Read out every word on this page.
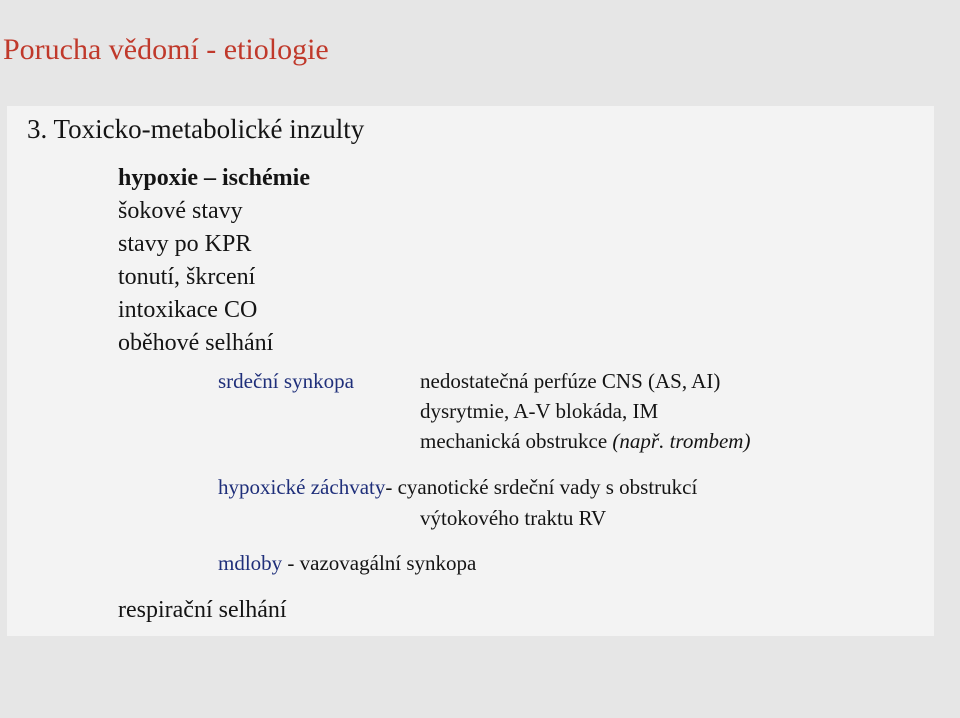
Porucha vědomí - etiologie
3. Toxicko-metabolické inzulty
hypoxie – ischémie
šokové stavy
stavy po KPR
tonutí, škrcení
intoxikace CO
oběhové selhání
srdeční synkopa	nedostatečná perfúze CNS (AS, AI)
dysrytmie, A-V blokáda, IM
mechanická obstrukce (např. trombem)
hypoxické záchvaty- cyanotické srdeční vady s obstrukcí
výtokového traktu RV
mdloby - vazovagální synkopa
respirační selhání
